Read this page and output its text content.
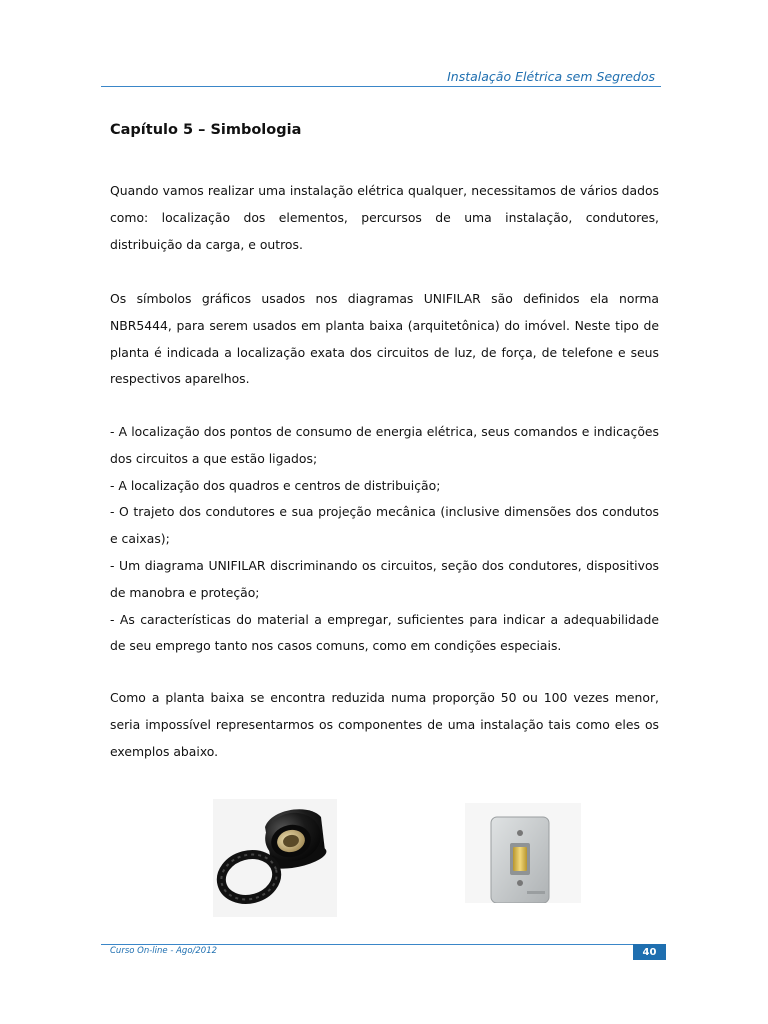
Instalação Elétrica sem Segredos
Capítulo 5 – Simbologia

Quando vamos realizar uma instalação elétrica qualquer, necessitamos de vários dados como: localização dos elementos, percursos de uma instalação, condutores, distribuição da carga, e outros.

Os símbolos gráficos usados nos diagramas UNIFILAR são definidos ela norma NBR5444, para serem usados em planta baixa (arquitetônica) do imóvel. Neste tipo de planta é indicada a localização exata dos circuitos de luz, de força, de telefone e seus respectivos aparelhos.

- A localização dos pontos de consumo de energia elétrica, seus comandos e indicações dos circuitos a que estão ligados;

- A localização dos quadros e centros de distribuição;

- O trajeto dos condutores e sua projeção mecânica (inclusive dimensões dos condutos e caixas);

- Um diagrama UNIFILAR discriminando os circuitos, seção dos condutores, dispositivos de manobra e proteção;

- As características do material a empregar, suficientes para indicar a adequabilidade de seu emprego tanto nos casos comuns, como em condições especiais.

Como a planta baixa se encontra reduzida numa proporção 50 ou 100 vezes menor, seria impossível representarmos os componentes de uma instalação tais como eles os exemplos abaixo.

Curso On-line - Ago/2012	40
